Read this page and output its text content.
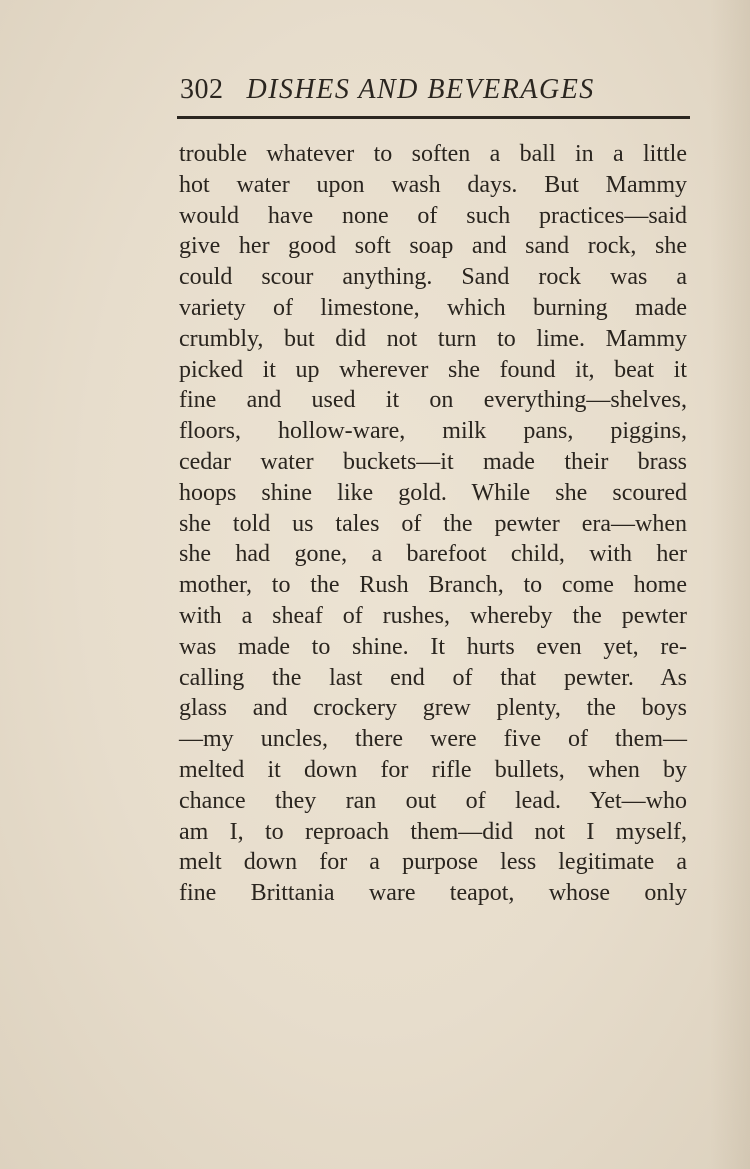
302 DISHES AND BEVERAGES
trouble whatever to soften a ball in a little
hot water upon wash days. But Mammy
would have none of such practices—said
give her good soft soap and sand rock, she
could scour anything. Sand rock was a
variety of limestone, which burning made
crumbly, but did not turn to lime. Mammy
picked it up wherever she found it, beat it
fine and used it on everything—shelves,
floors, hollow-ware, milk pans, piggins,
cedar water buckets—it made their brass
hoops shine like gold. While she scoured
she told us tales of the pewter era—when
she had gone, a barefoot child, with her
mother, to the Rush Branch, to come home
with a sheaf of rushes, whereby the pewter
was made to shine. It hurts even yet, re-
calling the last end of that pewter. As
glass and crockery grew plenty, the boys
—my uncles, there were five of them—
melted it down for rifle bullets, when by
chance they ran out of lead. Yet—who
am I, to reproach them—did not I myself,
melt down for a purpose less legitimate a
fine Brittania ware teapot, whose only
